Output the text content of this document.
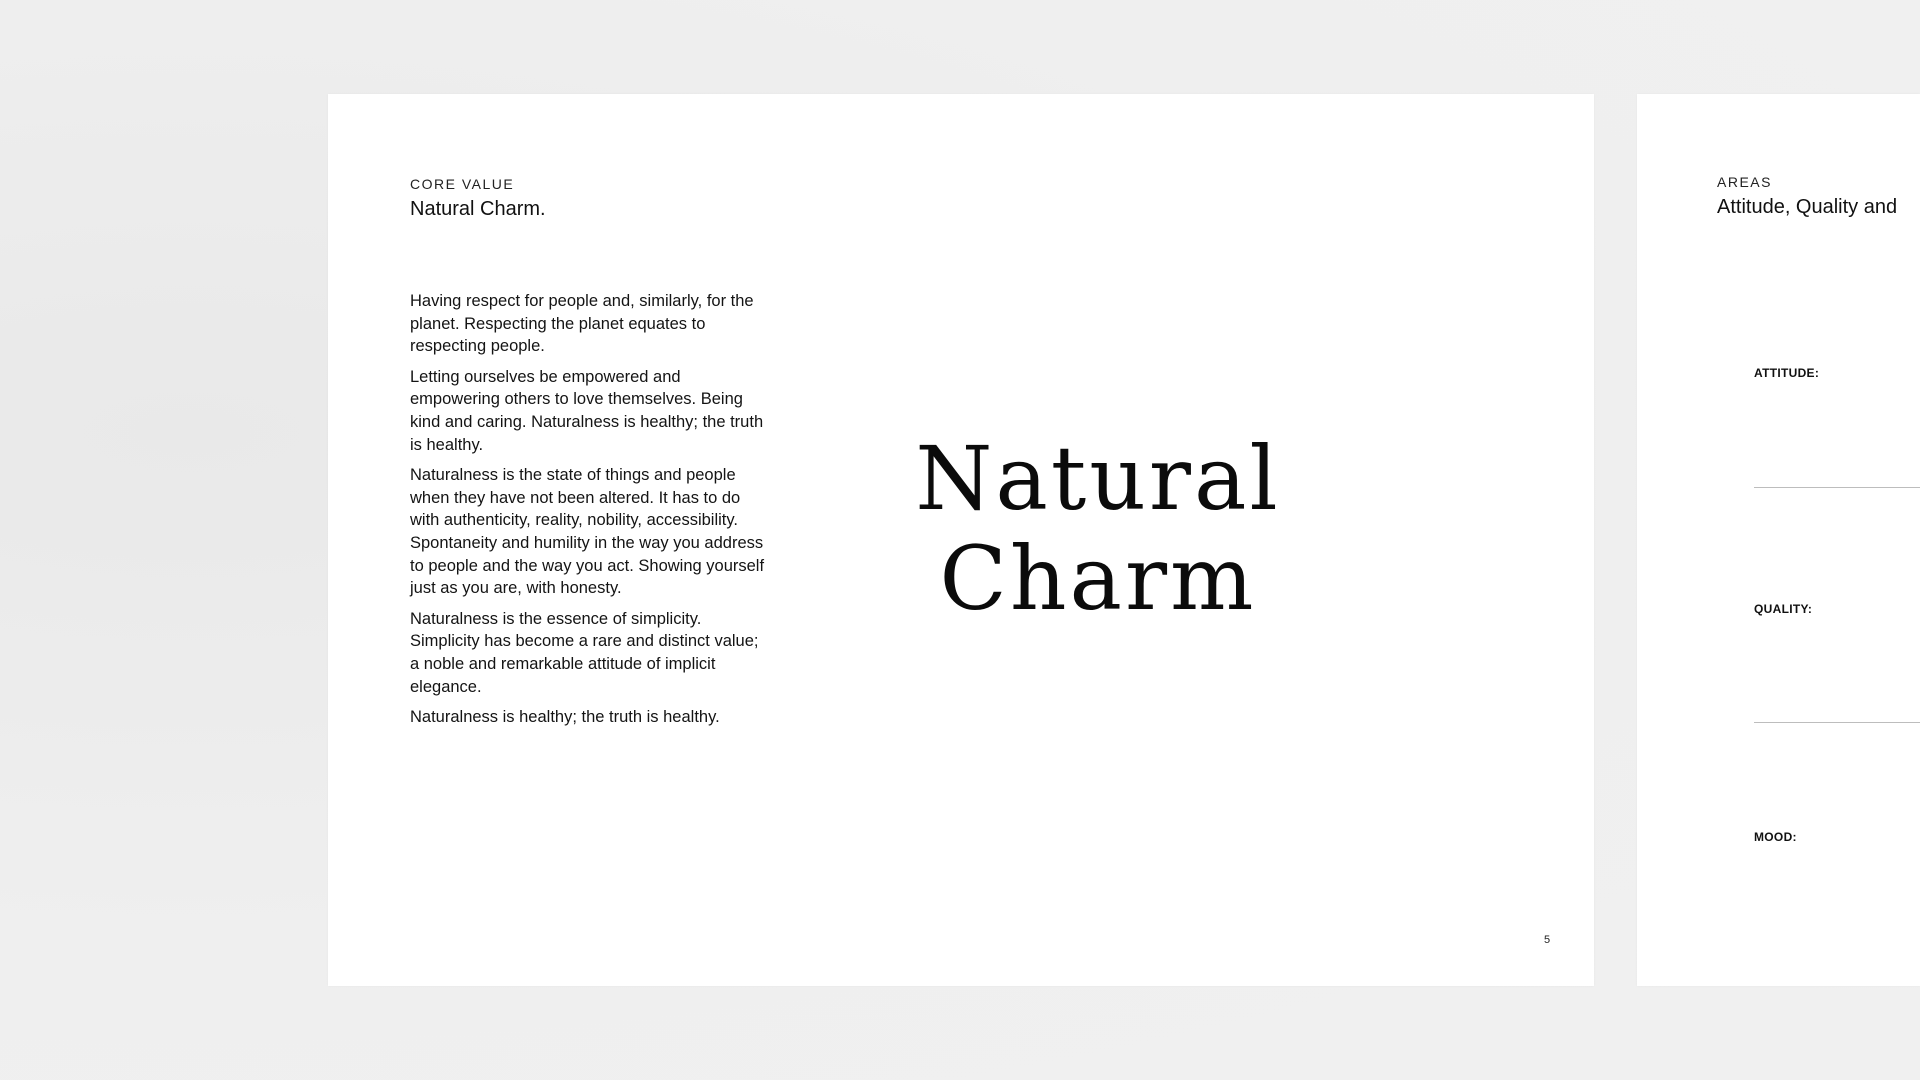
CORE VALUE
Natural Charm.

Having respect for people and, similarly, for the planet. Respecting the planet equates to respecting people.

Letting ourselves be empowered and empowering others to love themselves. Being kind and caring. Naturalness is healthy; the truth is healthy.

Naturalness is the state of things and people when they have not been altered. It has to do with authenticity, reality, nobility, accessibility. Spontaneity and humility in the way you address to people and the way you act. Showing yourself just as you are, with honesty.

Naturalness is the essence of simplicity. Simplicity has become a rare and distinct value; a noble and remarkable attitude of implicit elegance.

Naturalness is healthy; the truth is healthy.

Natural
Charm
5
AREAS
Attitude, Quality and
ATTITUDE:
QUALITY:
MOOD:
